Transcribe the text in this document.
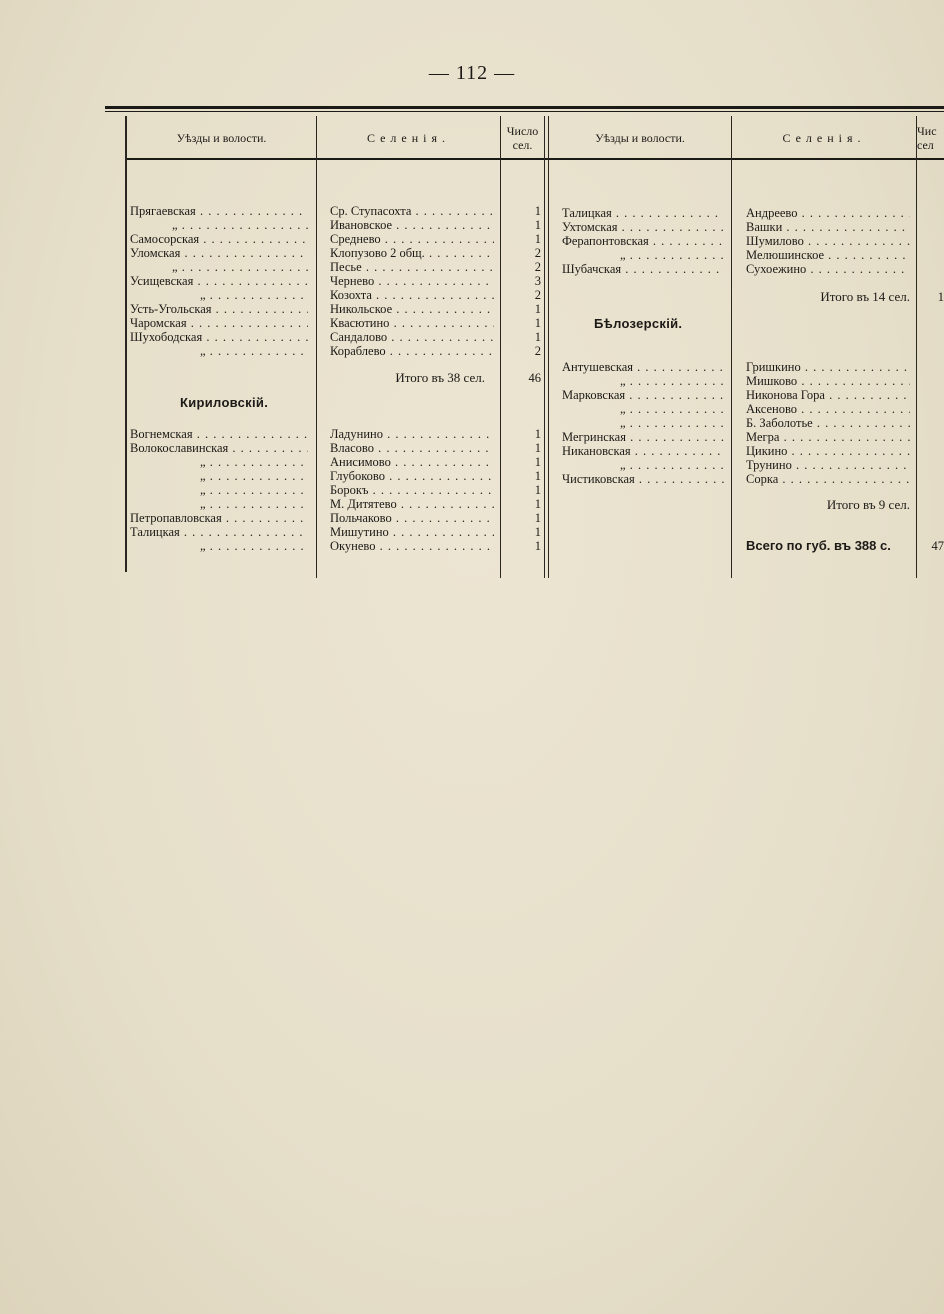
— 112 —
Уѣзды и волости.	Селенія.	Число
сел.	Уѣзды и волости.	Селенія.	Чис
сел
Прягаевская . . .	Ср. Ступасохта . . .	1
„ . . .	Ивановское . . .	1
Самосорская . . .	Среднево . . .	1
Уломская . . .	Клопузово 2 общ. . . .	2
„ . . .	Песье . . .	2
Усищевская . . .	Чернево . . .	3
„ . . .	Козохта . . .	2
Усть-Угольская . . .	Никольское . . .	1
Чаромская . . .	Квасютино . . .	1
Шухободская . . .	Сандалово . . .	1
„ . . .	Кораблево . . .	2
Итого въ 38 сел.	46
Кириловскій.
Вогнемская . . .	Ладунино . . .	1
Волокославинская . . .	Власово . . .	1
„ . . .	Анисимово . . .	1
„ . . .	Глубоково . . .	1
„ . . .	Борокъ . . .	1
„ . . .	М. Дитятево . . .	1
Петропавловская . . .	Польчаково . . .	1
Талицкая . . .	Мишутино . . .	1
„ . . .	Окунево . . .	1
Талицкая . . .	Андреево . . .
Ухтомская . . .	Вашки . . .
Ферапонтовская . . .	Шумилово . . .
„ . . .	Мелюшинское . . .
Шубачская . . .	Сухоежино . . .
Итого въ 14 сел.	1
Бѣлозерскій.
Антушевская . . .	Гришкино . . .
„ . . .	Мишково . . .
Марковская . . .	Никонова Гора . . .
„ . . .	Аксеново . . .
„ . . .	Б. Заболотье . . .
Мегринская . . .	Мегра . . .
Никановская . . .	Цикино . . .
„ . . .	Трунино . . .
Чистиковская . . .	Сорка . . .
Итого въ 9 сел.
Всего по губ. въ 388 с.	47
